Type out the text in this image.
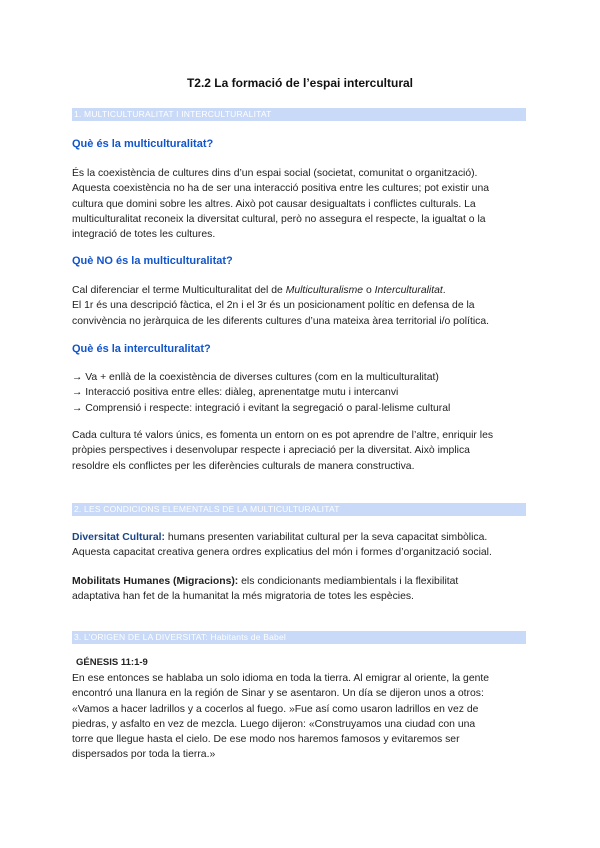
T2.2 La formació de l’espai intercultural
1. MULTICULTURALITAT I INTERCULTURALITAT
Què és la multiculturalitat?
És la coexistència de cultures dins d’un espai social (societat, comunitat o organització).
Aquesta coexistència no ha de ser una interacció positiva entre les cultures; pot existir una
cultura que domini sobre les altres. Això pot causar desigualtats i conflictes culturals. La
multiculturalitat reconeix la diversitat cultural, però no assegura el respecte, la igualtat o la
integració de totes les cultures.
Què NO és la multiculturalitat?
Cal diferenciar el terme Multiculturalitat del de Multiculturalisme o Interculturalitat.
El 1r és una descripció fàctica, el 2n i el 3r és un posicionament polític en defensa de la
convivència no jeràrquica de les diferents cultures d’una mateixa àrea territorial i/o política.
Què és la interculturalitat?
→ Va + enllà de la coexistència de diverses cultures (com en la multiculturalitat)
→ Interacció positiva entre elles: diàleg, aprenentatge mutu i intercanvi
→ Comprensió i respecte: integració i evitant la segregació o paral·lelisme cultural
Cada cultura té valors únics, es fomenta un entorn on es pot aprendre de l’altre, enriquir les
pròpies perspectives i desenvolupar respecte i apreciació per la diversitat. Això implica
resoldre els conflictes per les diferències culturals de manera constructiva.
2. LES CONDICIONS ELEMENTALS DE LA MULTICULTURALITAT
Diversitat Cultural: humans presenten variabilitat cultural per la seva capacitat simbòlica.
Aquesta capacitat creativa genera ordres explicatius del món i formes d’organització social.
Mobilitats Humanes (Migracions): els condicionants mediambientals i la flexibilitat
adaptativa han fet de la humanitat la més migratoria de totes les espècies.
3. L’ORIGEN DE LA DIVERSITAT: Habitants de Babel
GÉNESIS 11:1-9
En ese entonces se hablaba un solo idioma en toda la tierra. Al emigrar al oriente, la gente
encontró una llanura en la región de Sinar y se asentaron. Un día se dijeron unos a otros:
«Vamos a hacer ladrillos y a cocerlos al fuego. »Fue así como usaron ladrillos en vez de
piedras, y asfalto en vez de mezcla. Luego dijeron: «Construyamos una ciudad con una
torre que llegue hasta el cielo. De ese modo nos haremos famosos y evitaremos ser
dispersados por toda la tierra.»
